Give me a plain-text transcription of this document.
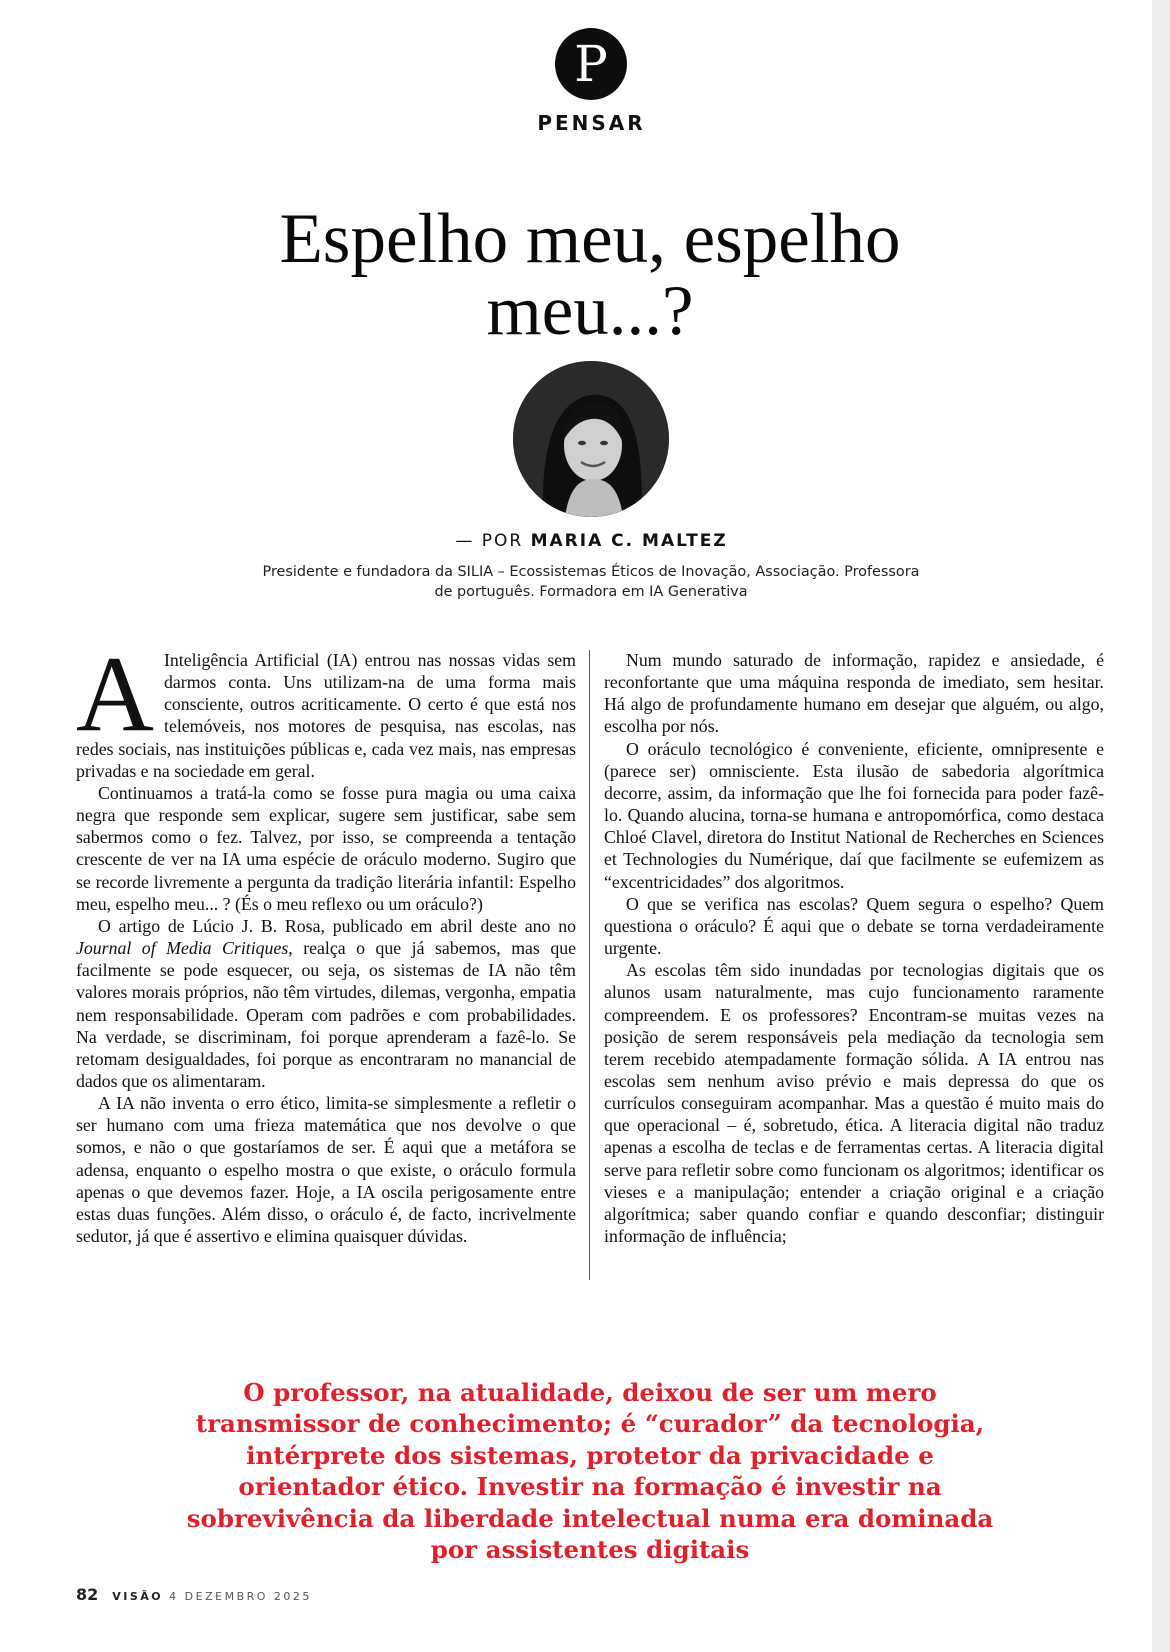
P
PENSAR
Espelho meu, espelho meu...?
— POR MARIA C. MALTEZ
Presidente e fundadora da SILIA – Ecossistemas Éticos de Inovação, Associação. Professora de português. Formadora em IA Generativa

A Inteligência Artificial (IA) entrou nas nossas vidas sem darmos conta. Uns utilizam-na de uma forma mais consciente, outros acriticamente. O certo é que está nos telemóveis, nos motores de pesquisa, nas escolas, nas redes sociais, nas instituições públicas e, cada vez mais, nas empresas privadas e na sociedade em geral.

Continuamos a tratá-la como se fosse pura magia ou uma caixa negra que responde sem explicar, sugere sem justificar, sabe sem sabermos como o fez. Talvez, por isso, se compreenda a tentação crescente de ver na IA uma espécie de oráculo moderno. Sugiro que se recorde livremente a pergunta da tradição literária infantil: Espelho meu, espelho meu... ? (És o meu reflexo ou um oráculo?)

O artigo de Lúcio J. B. Rosa, publicado em abril deste ano no Journal of Media Critiques, realça o que já sabemos, mas que facilmente se pode esquecer, ou seja, os sistemas de IA não têm valores morais próprios, não têm virtudes, dilemas, vergonha, empatia nem responsabilidade. Operam com padrões e com probabilidades. Na verdade, se discriminam, foi porque aprenderam a fazê-lo. Se retomam desigualdades, foi porque as encontraram no manancial de dados que os alimentaram.

A IA não inventa o erro ético, limita-se simplesmente a refletir o ser humano com uma frieza matemática que nos devolve o que somos, e não o que gostaríamos de ser. É aqui que a metáfora se adensa, enquanto o espelho mostra o que existe, o oráculo formula apenas o que devemos fazer. Hoje, a IA oscila perigosamente entre estas duas funções. Além disso, o oráculo é, de facto, incrivelmente sedutor, já que é assertivo e elimina quaisquer dúvidas.

Num mundo saturado de informação, rapidez e ansiedade, é reconfortante que uma máquina responda de imediato, sem hesitar. Há algo de profundamente humano em desejar que alguém, ou algo, escolha por nós.

O oráculo tecnológico é conveniente, eficiente, omnipresente e (parece ser) omnisciente. Esta ilusão de sabedoria algorítmica decorre, assim, da informação que lhe foi fornecida para poder fazê-lo. Quando alucina, torna-se humana e antropomórfica, como destaca Chloé Clavel, diretora do Institut National de Recherches en Sciences et Technologies du Numérique, daí que facilmente se eufemizem as “excentricidades” dos algoritmos.

O que se verifica nas escolas? Quem segura o espelho? Quem questiona o oráculo? É aqui que o debate se torna verdadeiramente urgente.

As escolas têm sido inundadas por tecnologias digitais que os alunos usam naturalmente, mas cujo funcionamento raramente compreendem. E os professores? Encontram-se muitas vezes na posição de serem responsáveis pela mediação da tecnologia sem terem recebido atempadamente formação sólida. A IA entrou nas escolas sem nenhum aviso prévio e mais depressa do que os currículos conseguiram acompanhar. Mas a questão é muito mais do que operacional – é, sobretudo, ética. A literacia digital não traduz apenas a escolha de teclas e de ferramentas certas. A literacia digital serve para refletir sobre como funcionam os algoritmos; identificar os vieses e a manipulação; entender a criação original e a criação algorítmica; saber quando confiar e quando desconfiar; distinguir informação de influência;

O professor, na atualidade, deixou de ser um mero transmissor de conhecimento; é “curador” da tecnologia, intérprete dos sistemas, protetor da privacidade e orientador ético. Investir na formação é investir na sobrevivência da liberdade intelectual numa era dominada por assistentes digitais
82 VISÃO 4 DEZEMBRO 2025
